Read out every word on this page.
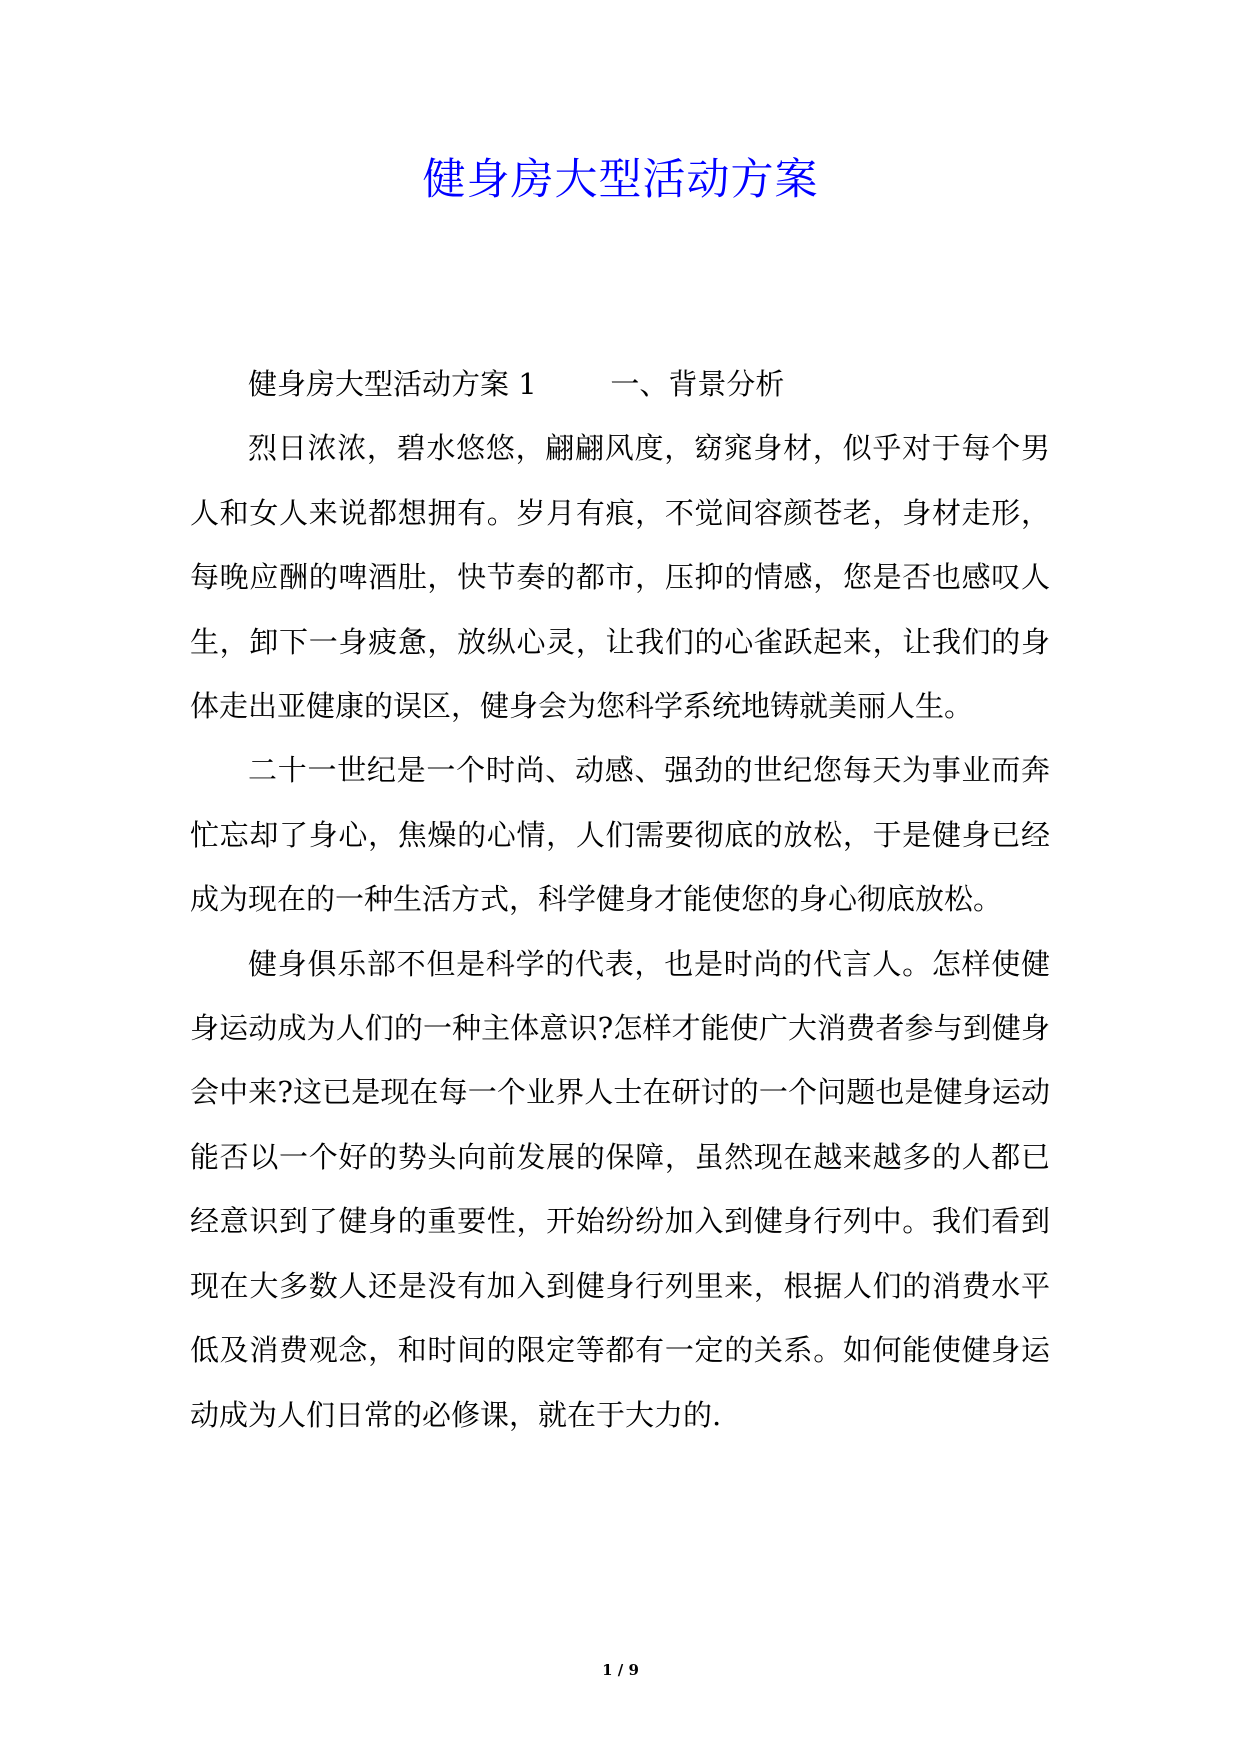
健身房大型活动方案

健身房大型活动方案 1	一、背景分析

烈日浓浓，碧水悠悠，翩翩风度，窈窕身材，似乎对于每个男人和女人来说都想拥有。岁月有痕，不觉间容颜苍老，身材走形，每晚应酬的啤酒肚，快节奏的都市，压抑的情感，您是否也感叹人生，卸下一身疲惫，放纵心灵，让我们的心雀跃起来，让我们的身体走出亚健康的误区，健身会为您科学系统地铸就美丽人生。

二十一世纪是一个时尚、动感、强劲的世纪您每天为事业而奔忙忘却了身心，焦燥的心情，人们需要彻底的放松，于是健身已经成为现在的一种生活方式，科学健身才能使您的身心彻底放松。

健身俱乐部不但是科学的代表，也是时尚的代言人。怎样使健身运动成为人们的一种主体意识?怎样才能使广大消费者参与到健身会中来?这已是现在每一个业界人士在研讨的一个问题也是健身运动能否以一个好的势头向前发展的保障，虽然现在越来越多的人都已经意识到了健身的重要性，开始纷纷加入到健身行列中。我们看到现在大多数人还是没有加入到健身行列里来，根据人们的消费水平低及消费观念，和时间的限定等都有一定的关系。如何能使健身运动成为人们日常的必修课，就在于大力的.

1 / 9
